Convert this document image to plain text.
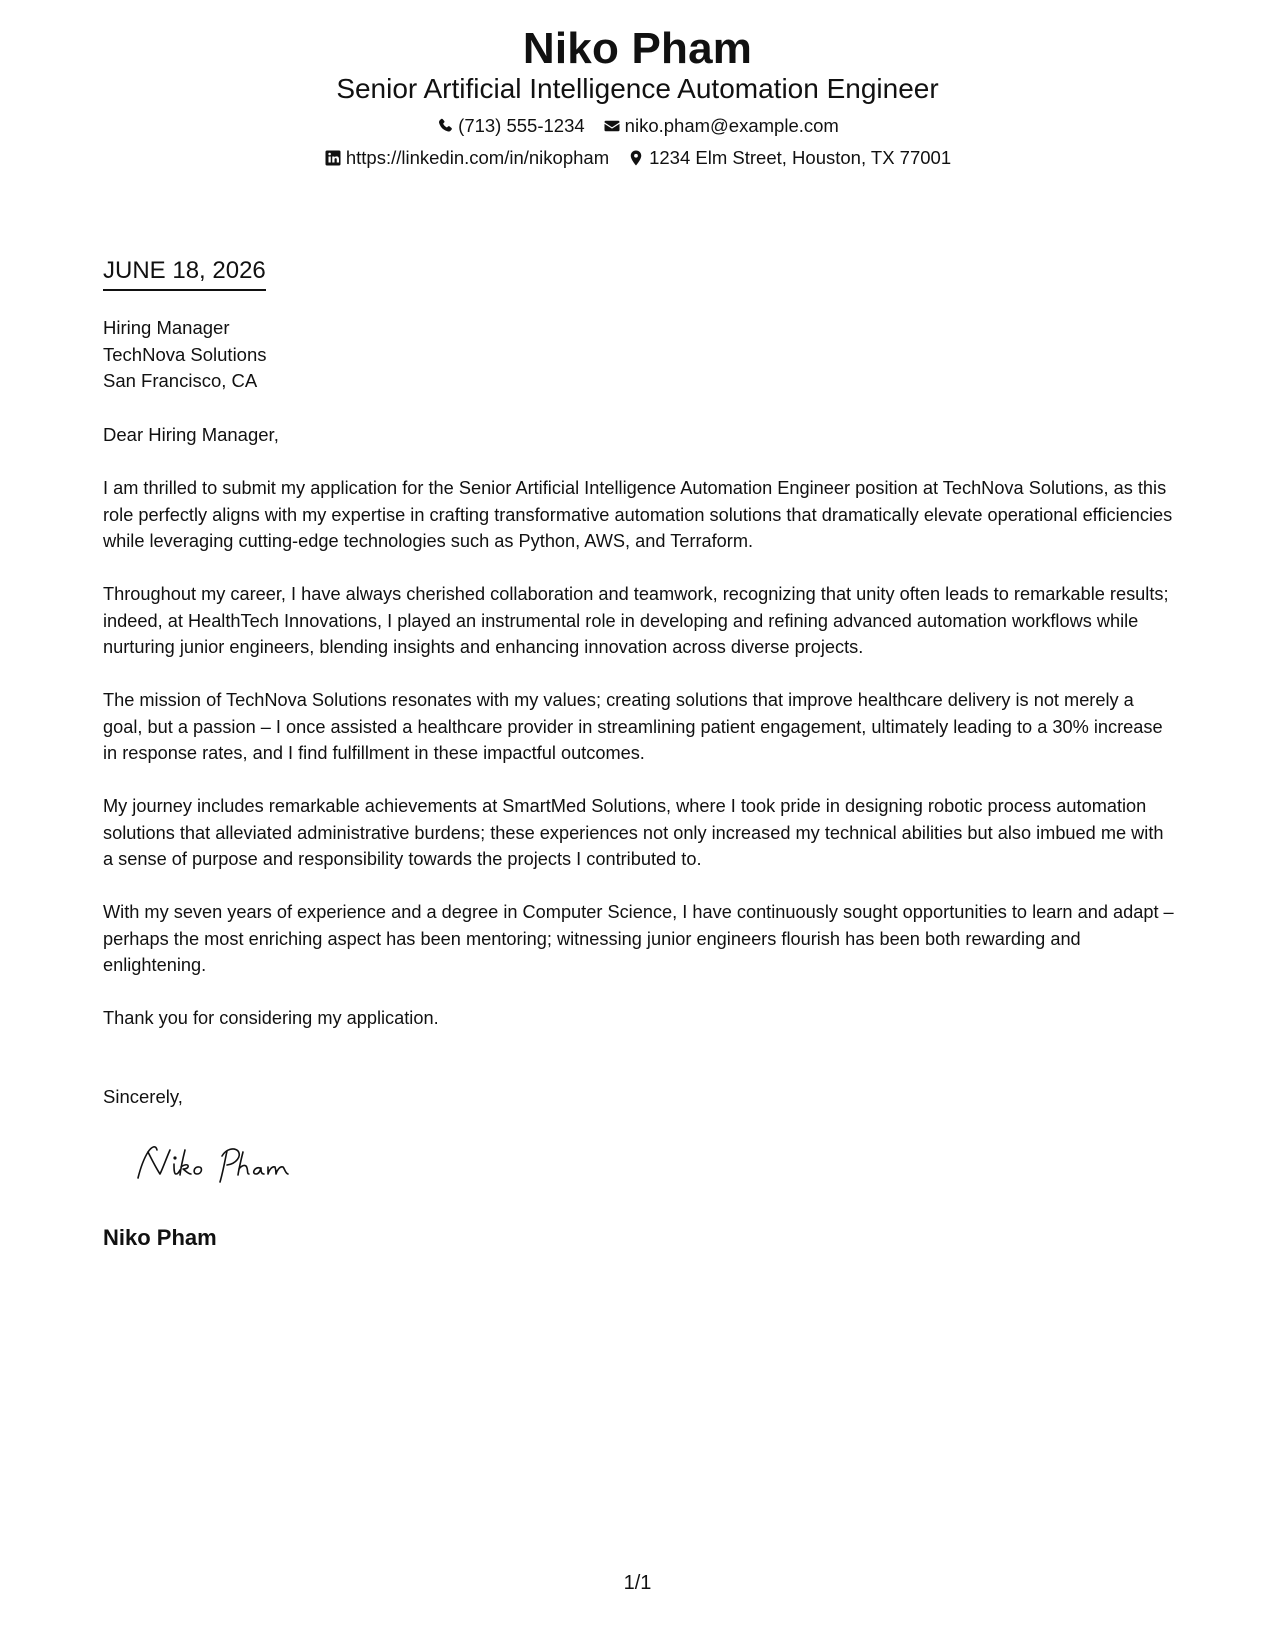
Niko Pham
Senior Artificial Intelligence Automation Engineer
(713) 555-1234 niko.pham@example.com
https://linkedin.com/in/nikopham 1234 Elm Street, Houston, TX 77001
JUNE 18, 2026
Hiring Manager
TechNova Solutions
San Francisco, CA
Dear Hiring Manager,
I am thrilled to submit my application for the Senior Artificial Intelligence Automation Engineer position at TechNova Solutions, as this role perfectly aligns with my expertise in crafting transformative automation solutions that dramatically elevate operational efficiencies while leveraging cutting-edge technologies such as Python, AWS, and Terraform.
Throughout my career, I have always cherished collaboration and teamwork, recognizing that unity often leads to remarkable results; indeed, at HealthTech Innovations, I played an instrumental role in developing and refining advanced automation workflows while nurturing junior engineers, blending insights and enhancing innovation across diverse projects.
The mission of TechNova Solutions resonates with my values; creating solutions that improve healthcare delivery is not merely a goal, but a passion – I once assisted a healthcare provider in streamlining patient engagement, ultimately leading to a 30% increase in response rates, and I find fulfillment in these impactful outcomes.
My journey includes remarkable achievements at SmartMed Solutions, where I took pride in designing robotic process automation solutions that alleviated administrative burdens; these experiences not only increased my technical abilities but also imbued me with a sense of purpose and responsibility towards the projects I contributed to.
With my seven years of experience and a degree in Computer Science, I have continuously sought opportunities to learn and adapt – perhaps the most enriching aspect has been mentoring; witnessing junior engineers flourish has been both rewarding and enlightening.
Thank you for considering my application.
Sincerely,
Niko Pham
1/1
